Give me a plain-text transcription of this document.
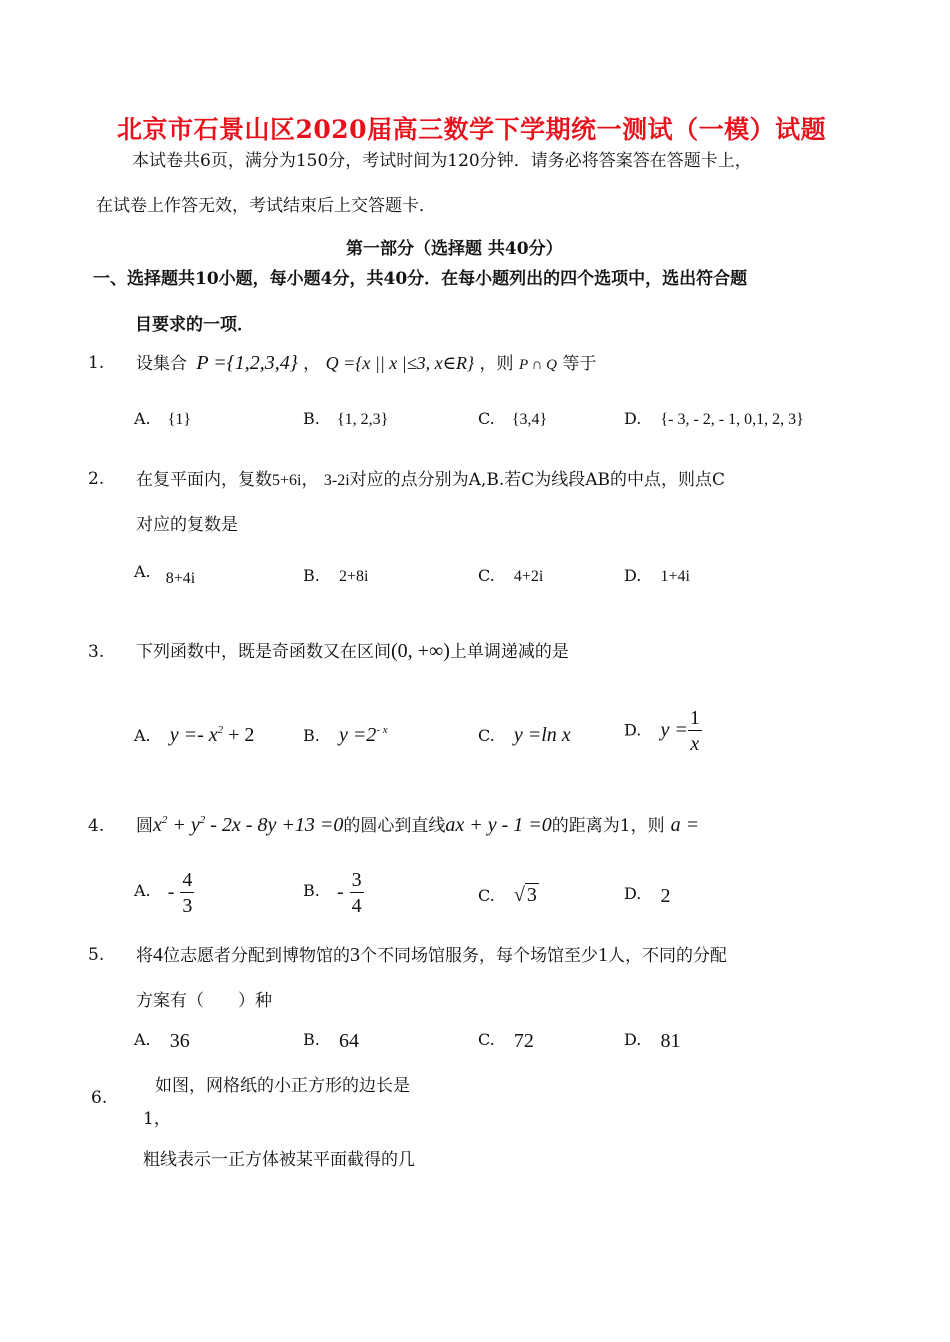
北京市石景山区2020届高三数学下学期统一测试（一模）试题
本试卷共6页，满分为150分，考试时间为120分钟．请务必将答案答在答题卡上，
在试卷上作答无效，考试结束后上交答题卡．
第一部分（选择题 共40分）
一、选择题共10小题，每小题4分，共40分．在每小题列出的四个选项中，选出符合题
目要求的一项．
1. 设集合 P ={1,2,3,4} ， Q ={x || x |≤3, x∈R} ，则 P ∩ Q 等于
A. {1}	B. {1, 2,3}	C. {3,4}	D. {- 3, - 2, - 1, 0,1, 2, 3}
2. 在复平面内，复数5+6i， 3-2i对应的点分别为A,B.若C为线段AB的中点，则点C
对应的复数是
A. 8+4i	B. 2+8i	C. 4+2i	D. 1+4i
3. 下列函数中，既是奇函数又在区间(0, +∞)上单调递减的是
A. $y =- x^2 + 2$	B. $y =2^{- x}$	C. y =ln x	D. $y = \frac{1}{x}$
4. 圆$x^2 + y^2 - 2x - 8y +13 =0$的圆心到直线ax + y - 1 =0的距离为1，则 a =
A. - $\frac{4}{3}$	B. - $\frac{3}{4}$	C. √ 3	D. 2
5. 将4位志愿者分配到博物馆的3个不同场馆服务，每个场馆至少1人，不同的分配
方案有（　　）种
A. 36	B. 64	C. 72	D. 81
6.
如图，网格纸的小正方形的边长是
1，
粗线表示一正方体被某平面截得的几
